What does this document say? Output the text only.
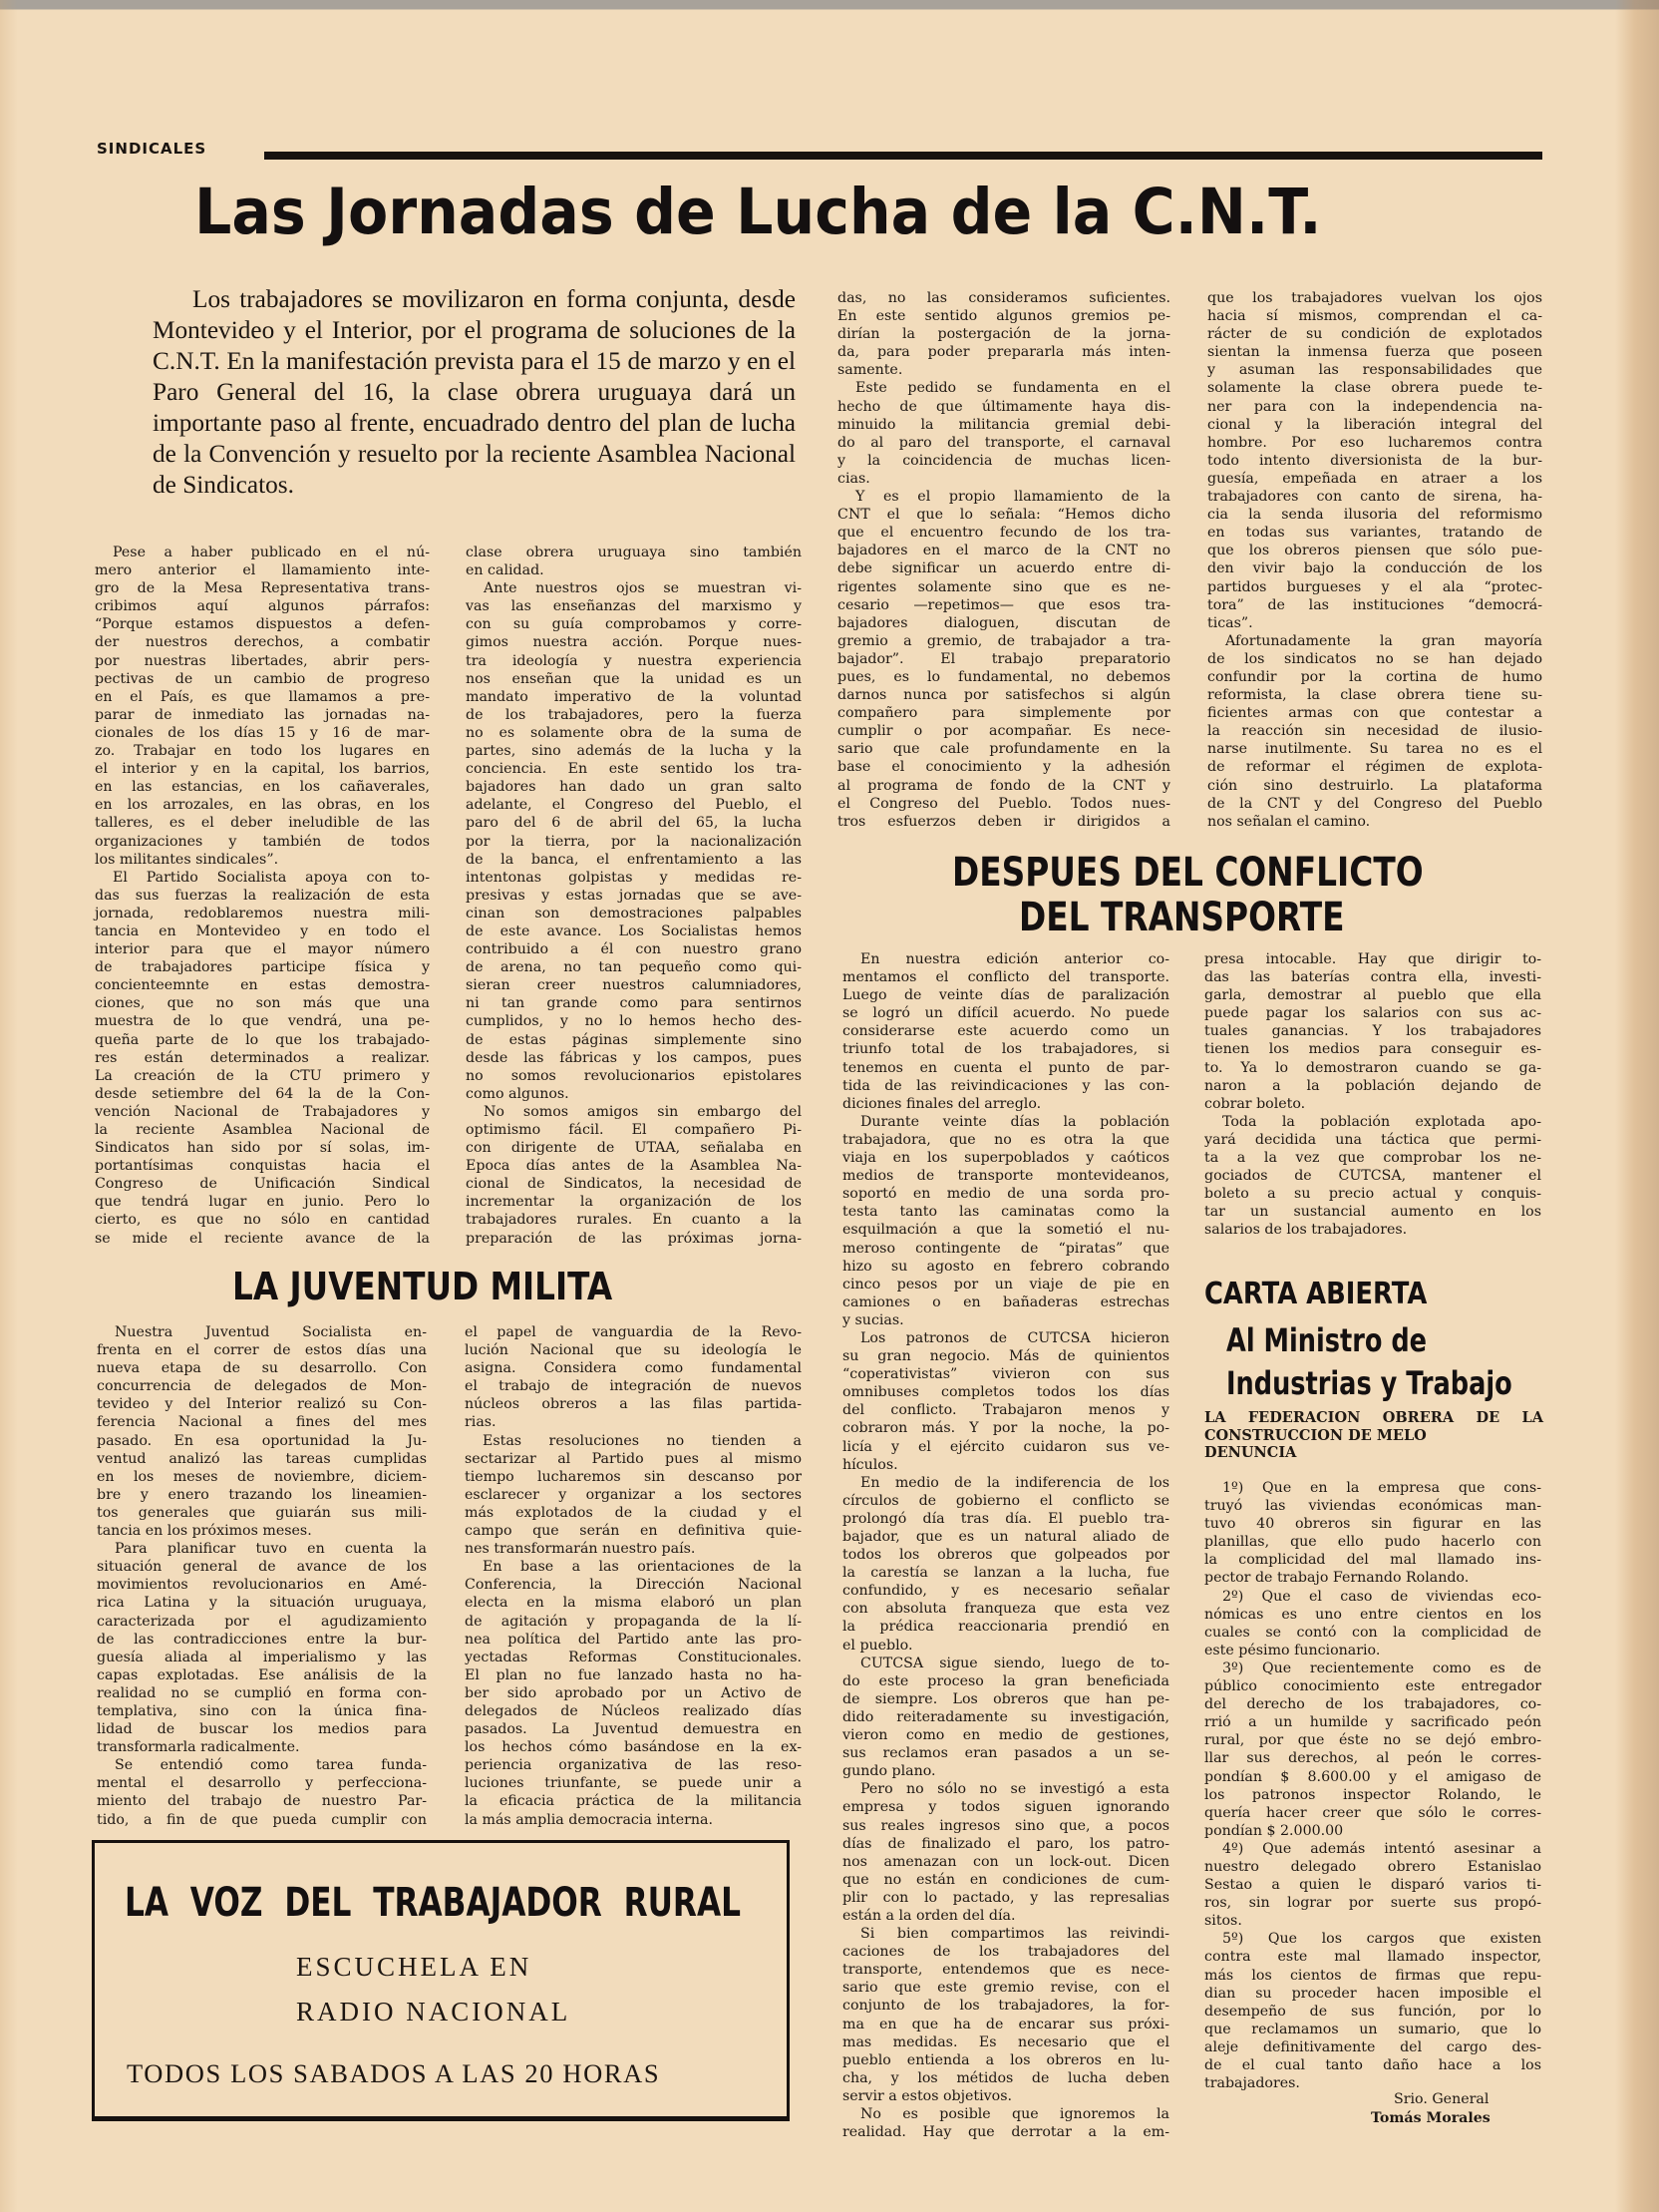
SINDICALES
Las Jornadas de Lucha de la C.N.T.
Los trabajadores se movilizaron en forma conjunta, desde Montevideo y el Interior, por el programa de soluciones de la C.N.T. En la manifestación prevista para el 15 de marzo y en el Paro General del 16, la clase obrera uruguaya dará un importante paso al frente, encuadrado dentro del plan de lucha de la Convención y resuelto por la reciente Asamblea Nacional de Sindicatos.
Pese a haber publicado en el nú-
mero anterior el llamamiento inte-
gro de la Mesa Representativa trans-
cribimos aquí algunos párrafos:
“Porque estamos dispuestos a defen-
der nuestros derechos, a combatir
por nuestras libertades, abrir pers-
pectivas de un cambio de progreso
en el País, es que llamamos a pre-
parar de inmediato las jornadas na-
cionales de los días 15 y 16 de mar-
zo. Trabajar en todo los lugares en
el interior y en la capital, los barrios,
en las estancias, en los cañaverales,
en los arrozales, en las obras, en los
talleres, es el deber ineludible de las
organizaciones y también de todos
los militantes sindicales”.
El Partido Socialista apoya con to-
das sus fuerzas la realización de esta
jornada, redoblaremos nuestra mili-
tancia en Montevideo y en todo el
interior para que el mayor número
de trabajadores participe física y
concienteemnte en estas demostra-
ciones, que no son más que una
muestra de lo que vendrá, una pe-
queña parte de lo que los trabajado-
res están determinados a realizar.
La creación de la CTU primero y
desde setiembre del 64 la de la Con-
vención Nacional de Trabajadores y
la reciente Asamblea Nacional de
Sindicatos han sido por sí solas, im-
portantísimas conquistas hacia el
Congreso de Unificación Sindical
que tendrá lugar en junio. Pero lo
cierto, es que no sólo en cantidad
se mide el reciente avance de la
clase obrera uruguaya sino también
en calidad.
Ante nuestros ojos se muestran vi-
vas las enseñanzas del marxismo y
con su guía comprobamos y corre-
gimos nuestra acción. Porque nues-
tra ideología y nuestra experiencia
nos enseñan que la unidad es un
mandato imperativo de la voluntad
de los trabajadores, pero la fuerza
no es solamente obra de la suma de
partes, sino además de la lucha y la
conciencia. En este sentido los tra-
bajadores han dado un gran salto
adelante, el Congreso del Pueblo, el
paro del 6 de abril del 65, la lucha
por la tierra, por la nacionalización
de la banca, el enfrentamiento a las
intentonas golpistas y medidas re-
presivas y estas jornadas que se ave-
cinan son demostraciones palpables
de este avance. Los Socialistas hemos
contribuido a él con nuestro grano
de arena, no tan pequeño como qui-
sieran creer nuestros calumniadores,
ni tan grande como para sentirnos
cumplidos, y no lo hemos hecho des-
de estas páginas simplemente sino
desde las fábricas y los campos, pues
no somos revolucionarios epistolares
como algunos.
No somos amigos sin embargo del
optimismo fácil. El compañero Pi-
con dirigente de UTAA, señalaba en
Epoca días antes de la Asamblea Na-
cional de Sindicatos, la necesidad de
incrementar la organización de los
trabajadores rurales. En cuanto a la
preparación de las próximas jorna-
das, no las consideramos suficientes.
En este sentido algunos gremios pe-
dirían la postergación de la jorna-
da, para poder prepararla más inten-
samente.
Este pedido se fundamenta en el
hecho de que últimamente haya dis-
minuido la militancia gremial debi-
do al paro del transporte, el carnaval
y la coincidencia de muchas licen-
cias.
Y es el propio llamamiento de la
CNT el que lo señala: “Hemos dicho
que el encuentro fecundo de los tra-
bajadores en el marco de la CNT no
debe significar un acuerdo entre di-
rigentes solamente sino que es ne-
cesario —repetimos— que esos tra-
bajadores dialoguen, discutan de
gremio a gremio, de trabajador a tra-
bajador”. El trabajo preparatorio
pues, es lo fundamental, no debemos
darnos nunca por satisfechos si algún
compañero para simplemente por
cumplir o por acompañar. Es nece-
sario que cale profundamente en la
base el conocimiento y la adhesión
al programa de fondo de la CNT y
el Congreso del Pueblo. Todos nues-
tros esfuerzos deben ir dirigidos a
que los trabajadores vuelvan los ojos
hacia sí mismos, comprendan el ca-
rácter de su condición de explotados
sientan la inmensa fuerza que poseen
y asuman las responsabilidades que
solamente la clase obrera puede te-
ner para con la independencia na-
cional y la liberación integral del
hombre. Por eso lucharemos contra
todo intento diversionista de la bur-
guesía, empeñada en atraer a los
trabajadores con canto de sirena, ha-
cia la senda ilusoria del reformismo
en todas sus variantes, tratando de
que los obreros piensen que sólo pue-
den vivir bajo la conducción de los
partidos burgueses y el ala “protec-
tora” de las instituciones “democrá-
ticas”.
Afortunadamente la gran mayoría
de los sindicatos no se han dejado
confundir por la cortina de humo
reformista, la clase obrera tiene su-
ficientes armas con que contestar a
la reacción sin necesidad de ilusio-
narse inutilmente. Su tarea no es el
de reformar el régimen de explota-
ción sino destruirlo. La plataforma
de la CNT y del Congreso del Pueblo
nos señalan el camino.
DESPUES DEL CONFLICTO
DEL TRANSPORTE
En nuestra edición anterior co-
mentamos el conflicto del transporte.
Luego de veinte días de paralización
se logró un difícil acuerdo. No puede
considerarse este acuerdo como un
triunfo total de los trabajadores, si
tenemos en cuenta el punto de par-
tida de las reivindicaciones y las con-
diciones finales del arreglo.
Durante veinte días la población
trabajadora, que no es otra la que
viaja en los superpoblados y caóticos
medios de transporte montevideanos,
soportó en medio de una sorda pro-
testa tanto las caminatas como la
esquilmación a que la sometió el nu-
meroso contingente de “piratas” que
hizo su agosto en febrero cobrando
cinco pesos por un viaje de pie en
camiones o en bañaderas estrechas
y sucias.
Los patronos de CUTCSA hicieron
su gran negocio. Más de quinientos
“coperativistas” vivieron con sus
omnibuses completos todos los días
del conflicto. Trabajaron menos y
cobraron más. Y por la noche, la po-
licía y el ejército cuidaron sus ve-
hículos.
En medio de la indiferencia de los
círculos de gobierno el conflicto se
prolongó día tras día. El pueblo tra-
bajador, que es un natural aliado de
todos los obreros que golpeados por
la carestía se lanzan a la lucha, fue
confundido, y es necesario señalar
con absoluta franqueza que esta vez
la prédica reaccionaria prendió en
el pueblo.
CUTCSA sigue siendo, luego de to-
do este proceso la gran beneficiada
de siempre. Los obreros que han pe-
dido reiteradamente su investigación,
vieron como en medio de gestiones,
sus reclamos eran pasados a un se-
gundo plano.
Pero no sólo no se investigó a esta
empresa y todos siguen ignorando
sus reales ingresos sino que, a pocos
días de finalizado el paro, los patro-
nos amenazan con un lock-out. Dicen
que no están en condiciones de cum-
plir con lo pactado, y las represalias
están a la orden del día.
Si bien compartimos las reivindi-
caciones de los trabajadores del
transporte, entendemos que es nece-
sario que este gremio revise, con el
conjunto de los trabajadores, la for-
ma en que ha de encarar sus próxi-
mas medidas. Es necesario que el
pueblo entienda a los obreros en lu-
cha, y los métidos de lucha deben
servir a estos objetivos.
No es posible que ignoremos la
realidad. Hay que derrotar a la em-
presa intocable. Hay que dirigir to-
das las baterías contra ella, investi-
garla, demostrar al pueblo que ella
puede pagar los salarios con sus ac-
tuales ganancias. Y los trabajadores
tienen los medios para conseguir es-
to. Ya lo demostraron cuando se ga-
naron a la población dejando de
cobrar boleto.
Toda la población explotada apo-
yará decidida una táctica que permi-
ta a la vez que comprobar los ne-
gociados de CUTCSA, mantener el
boleto a su precio actual y conquis-
tar un sustancial aumento en los
salarios de los trabajadores.
LA JUVENTUD MILITA
Nuestra Juventud Socialista en-
frenta en el correr de estos días una
nueva etapa de su desarrollo. Con
concurrencia de delegados de Mon-
tevideo y del Interior realizó su Con-
ferencia Nacional a fines del mes
pasado. En esa oportunidad la Ju-
ventud analizó las tareas cumplidas
en los meses de noviembre, diciem-
bre y enero trazando los lineamien-
tos generales que guiarán sus mili-
tancia en los próximos meses.
Para planificar tuvo en cuenta la
situación general de avance de los
movimientos revolucionarios en Amé-
rica Latina y la situación uruguaya,
caracterizada por el agudizamiento
de las contradicciones entre la bur-
guesía aliada al imperialismo y las
capas explotadas. Ese análisis de la
realidad no se cumplió en forma con-
templativa, sino con la única fina-
lidad de buscar los medios para
transformarla radicalmente.
Se entendió como tarea funda-
mental el desarrollo y perfecciona-
miento del trabajo de nuestro Par-
tido, a fin de que pueda cumplir con
el papel de vanguardia de la Revo-
lución Nacional que su ideología le
asigna. Considera como fundamental
el trabajo de integración de nuevos
núcleos obreros a las filas partida-
rias.
Estas resoluciones no tienden a
sectarizar al Partido pues al mismo
tiempo lucharemos sin descanso por
esclarecer y organizar a los sectores
más explotados de la ciudad y el
campo que serán en definitiva quie-
nes transformarán nuestro país.
En base a las orientaciones de la
Conferencia, la Dirección Nacional
electa en la misma elaboró un plan
de agitación y propaganda de la lí-
nea política del Partido ante las pro-
yectadas Reformas Constitucionales.
El plan no fue lanzado hasta no ha-
ber sido aprobado por un Activo de
delegados de Núcleos realizado días
pasados. La Juventud demuestra en
los hechos cómo basándose en la ex-
periencia organizativa de las reso-
luciones triunfante, se puede unir a
la eficacia práctica de la militancia
la más amplia democracia interna.
CARTA ABIERTA
Al Ministro de
Industrias y Trabajo
LA FEDERACION OBRERA DE LA
CONSTRUCCION DE MELO
DENUNCIA
1º) Que en la empresa que cons-
truyó las viviendas económicas man-
tuvo 40 obreros sin figurar en las
planillas, que ello pudo hacerlo con
la complicidad del mal llamado ins-
pector de trabajo Fernando Rolando.
2º) Que el caso de viviendas eco-
nómicas es uno entre cientos en los
cuales se contó con la complicidad de
este pésimo funcionario.
3º) Que recientemente como es de
público conocimiento este entregador
del derecho de los trabajadores, co-
rrió a un humilde y sacrificado peón
rural, por que éste no se dejó embro-
llar sus derechos, al peón le corres-
pondían $ 8.600.00 y el amigaso de
los patronos inspector Rolando, le
quería hacer creer que sólo le corres-
pondían $ 2.000.00
4º) Que además intentó asesinar a
nuestro delegado obrero Estanislao
Sestao a quien le disparó varios ti-
ros, sin lograr por suerte sus propó-
sitos.
5º) Que los cargos que existen
contra este mal llamado inspector,
más los cientos de firmas que repu-
dian su proceder hacen imposible el
desempeño de sus función, por lo
que reclamamos un sumario, que lo
aleje definitivamente del cargo des-
de el cual tanto daño hace a los
trabajadores.
Srio. General
Tomás Morales
LA VOZ DEL TRABAJADOR RURAL
ESCUCHELA EN
RADIO NACIONAL
TODOS LOS SABADOS A LAS 20 HORAS
